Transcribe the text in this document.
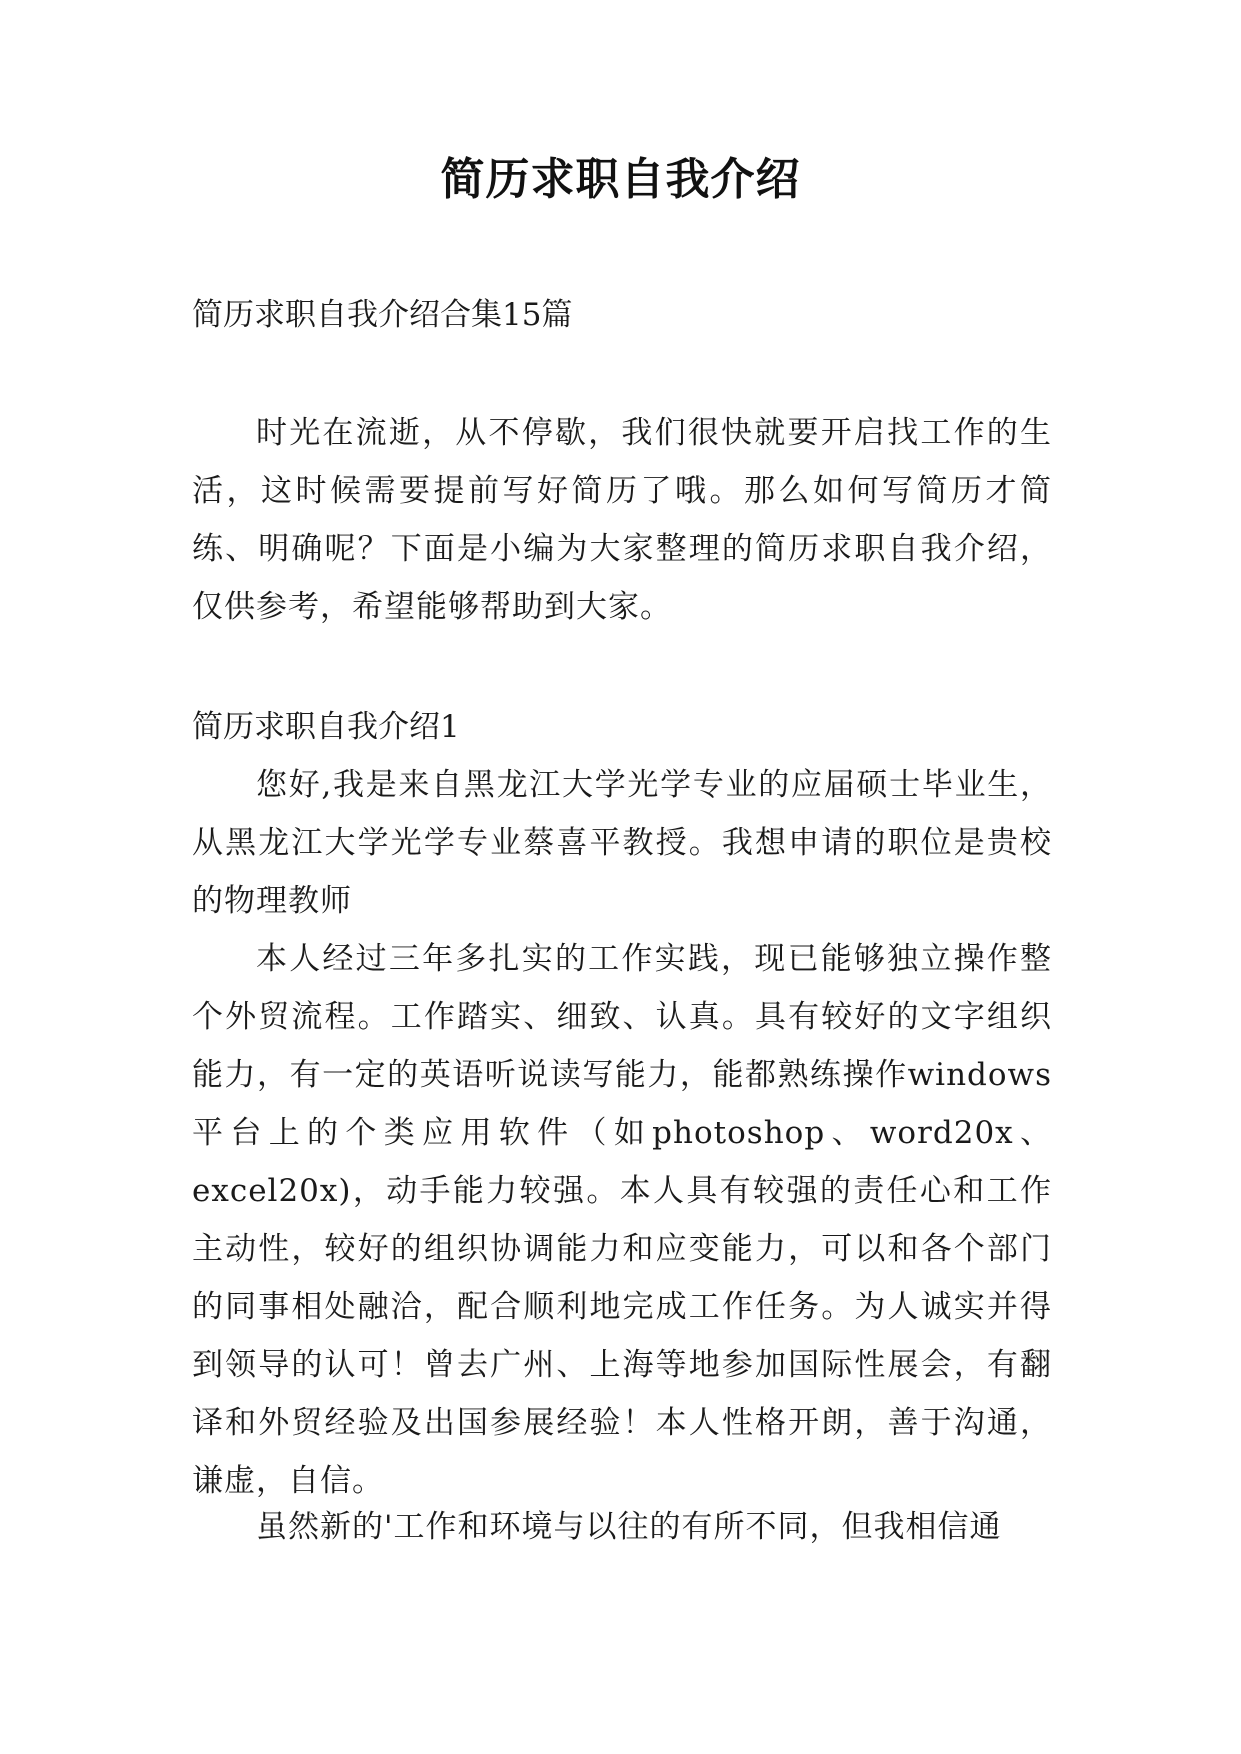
简历求职自我介绍
简历求职自我介绍合集15篇
时光在流逝，从不停歇，我们很快就要开启找工作的生活，这时候需要提前写好简历了哦。那么如何写简历才简练、明确呢？下面是小编为大家整理的简历求职自我介绍，仅供参考，希望能够帮助到大家。
简历求职自我介绍1
您好,我是来自黑龙江大学光学专业的应届硕士毕业生，从黑龙江大学光学专业蔡喜平教授。我想申请的职位是贵校的物理教师
本人经过三年多扎实的工作实践，现已能够独立操作整个外贸流程。工作踏实、细致、认真。具有较好的文字组织能力，有一定的英语听说读写能力，能都熟练操作windows平台上的个类应用软件（如photoshop、word20x、excel20x)，动手能力较强。本人具有较强的责任心和工作主动性，较好的组织协调能力和应变能力，可以和各个部门的同事相处融洽，配合顺利地完成工作任务。为人诚实并得到领导的认可！曾去广州、上海等地参加国际性展会，有翻译和外贸经验及出国参展经验！本人性格开朗，善于沟通，谦虚，自信。
虽然新的'工作和环境与以往的有所不同，但我相信通
